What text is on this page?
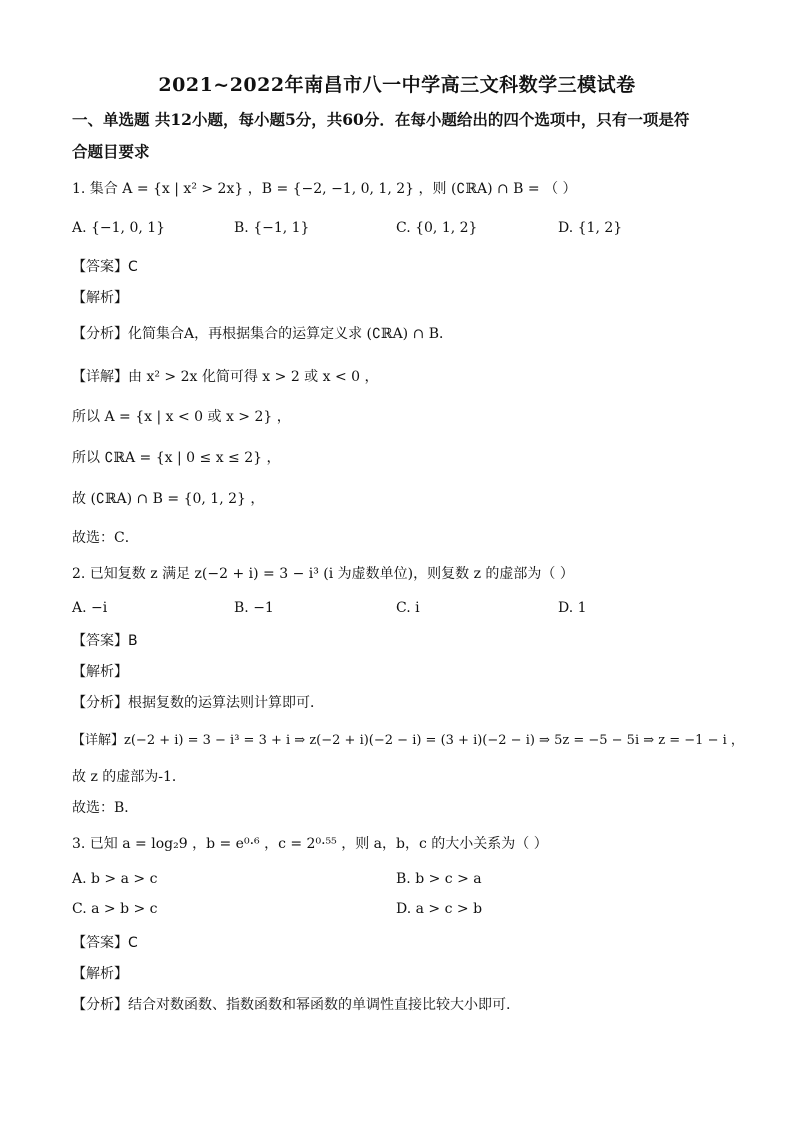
2021~2022年南昌市八一中学高三文科数学三模试卷
一、单选题 共12小题，每小题5分，共60分．在每小题给出的四个选项中，只有一项是符
合题目要求
1. 集合 A = {x | x² > 2x} ，B = {−2, −1, 0, 1, 2} ，则 (∁ℝA) ∩ B = （ ）
A. {−1, 0, 1}	B. {−1, 1}	C. {0, 1, 2}	D. {1, 2}
【答案】C
【解析】
【分析】化简集合A，再根据集合的运算定义求 (∁ℝA) ∩ B．
【详解】由 x² > 2x 化简可得 x > 2 或 x < 0 ，
所以 A = {x | x < 0 或 x > 2} ，
所以 ∁ℝA = {x | 0 ≤ x ≤ 2} ，
故 (∁ℝA) ∩ B = {0, 1, 2} ，
故选：C．
2. 已知复数 z 满足 z(−2 + i) = 3 − i³ (i 为虚数单位)，则复数 z 的虚部为（ ）
A. −i	B. −1	C. i	D. 1
【答案】B
【解析】
【分析】根据复数的运算法则计算即可．
【详解】z(−2 + i) = 3 − i³ = 3 + i ⇒ z(−2 + i)(−2 − i) = (3 + i)(−2 − i) ⇒ 5z = −5 − 5i ⇒ z = −1 − i ，
故 z 的虚部为-1．
故选：B．
3. 已知 a = log₂9 ，b = e⁰·⁶ ，c = 2⁰·⁵⁵ ，则 a，b，c 的大小关系为（ ）
A. b > a > c	B. b > c > a
C. a > b > c	D. a > c > b
【答案】C
【解析】
【分析】结合对数函数、指数函数和幂函数的单调性直接比较大小即可.
